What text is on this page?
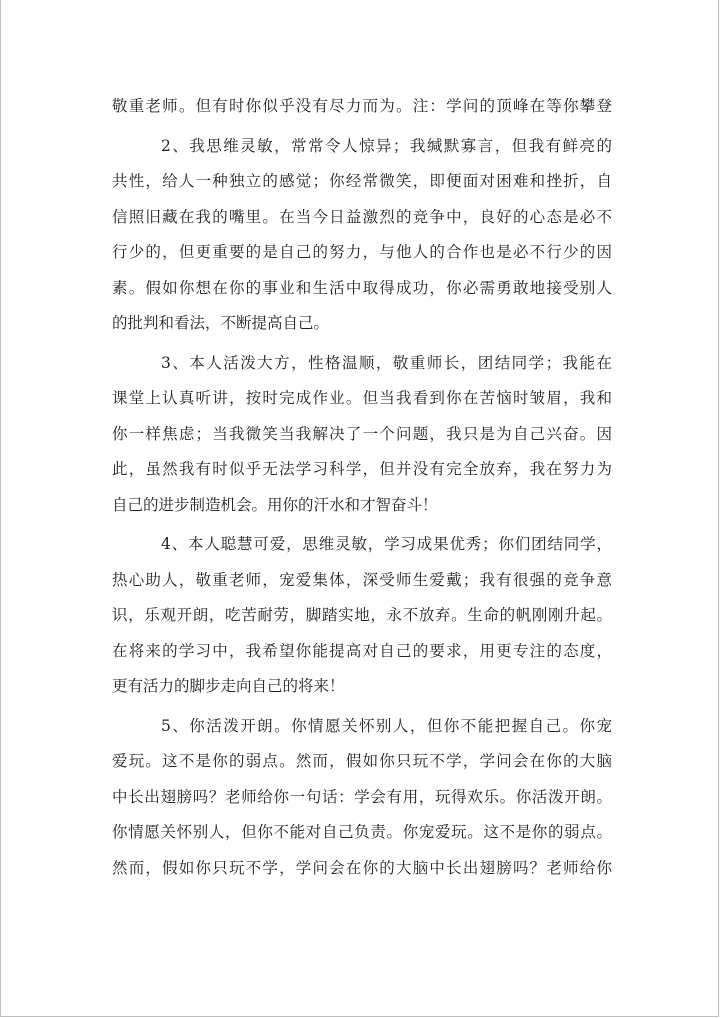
敬重老师。但有时你似乎没有尽力而为。注：学问的顶峰在等你攀登
2、我思维灵敏，常常令人惊异；我缄默寡言，但我有鲜亮的
共性，给人一种独立的感觉；你经常微笑，即便面对困难和挫折，自
信照旧藏在我的嘴里。在当今日益激烈的竞争中，良好的心态是必不
行少的，但更重要的是自己的努力，与他人的合作也是必不行少的因
素。假如你想在你的事业和生活中取得成功，你必需勇敢地接受别人
的批判和看法，不断提高自己。
3、本人活泼大方，性格温顺，敬重师长，团结同学；我能在
课堂上认真听讲，按时完成作业。但当我看到你在苦恼时皱眉，我和
你一样焦虑；当我微笑当我解决了一个问题，我只是为自己兴奋。因
此，虽然我有时似乎无法学习科学，但并没有完全放弃，我在努力为
自己的进步制造机会。用你的汗水和才智奋斗！
4、本人聪慧可爱，思维灵敏，学习成果优秀；你们团结同学，
热心助人，敬重老师，宠爱集体，深受师生爱戴；我有很强的竞争意
识，乐观开朗，吃苦耐劳，脚踏实地，永不放弃。生命的帆刚刚升起。
在将来的学习中，我希望你能提高对自己的要求，用更专注的态度，
更有活力的脚步走向自己的将来！
5、你活泼开朗。你情愿关怀别人，但你不能把握自己。你宠
爱玩。这不是你的弱点。然而，假如你只玩不学，学问会在你的大脑
中长出翅膀吗？老师给你一句话：学会有用，玩得欢乐。你活泼开朗。
你情愿关怀别人，但你不能对自己负责。你宠爱玩。这不是你的弱点。
然而，假如你只玩不学，学问会在你的大脑中长出翅膀吗？老师给你
